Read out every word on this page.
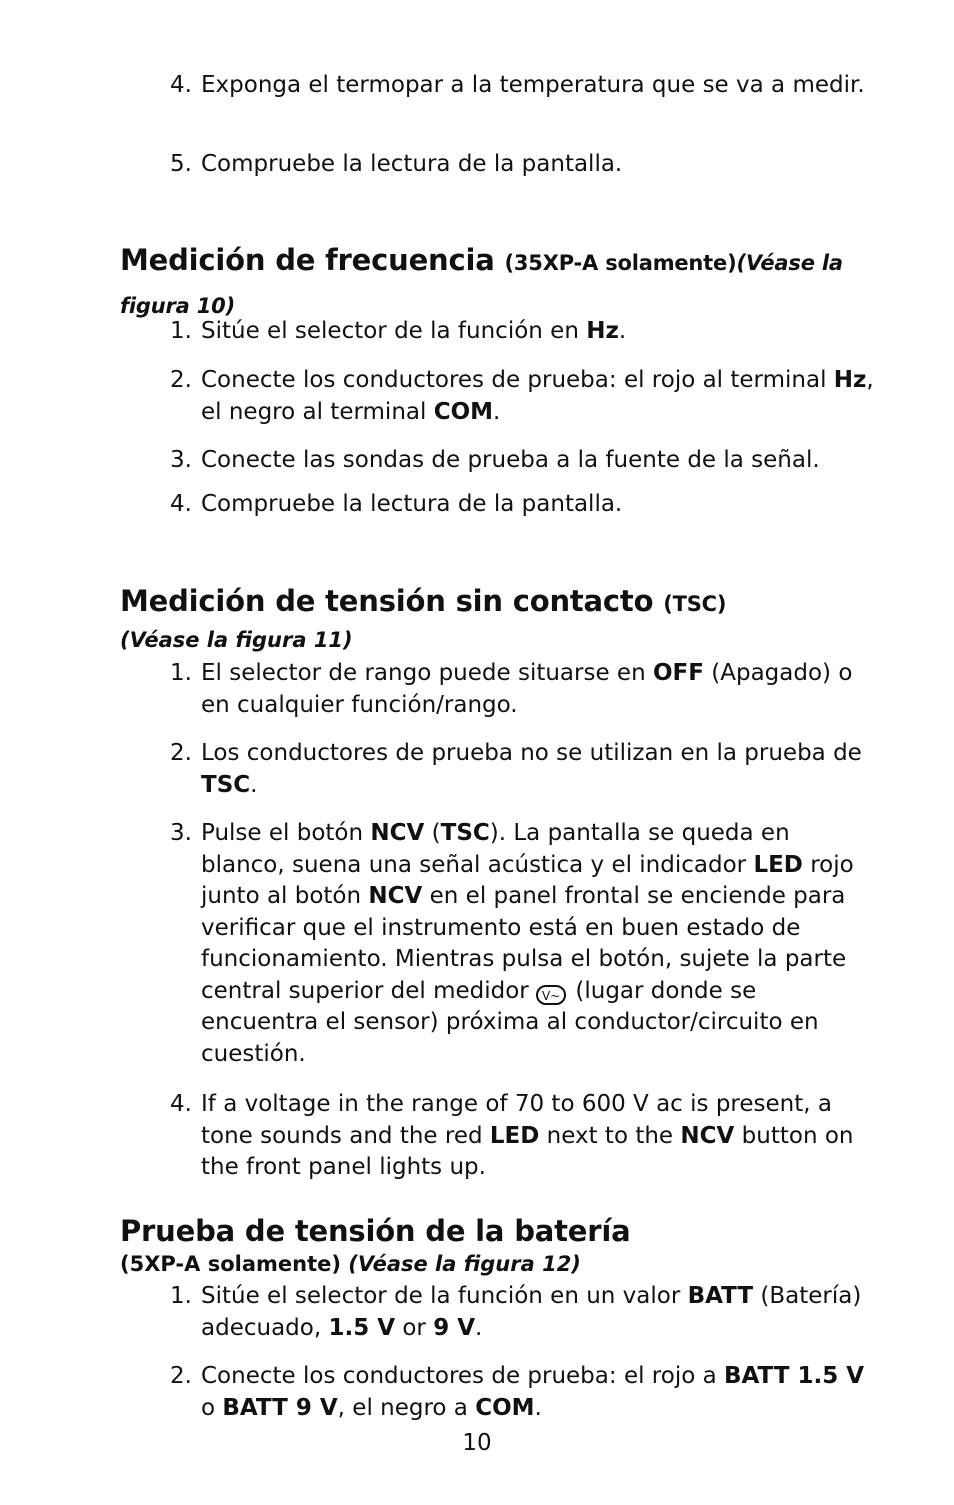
4. Exponga el termopar a la temperatura que se va a medir.
5. Compruebe la lectura de la pantalla.
Medición de frecuencia (35XP-A solamente)(Véase la figura 10)
1. Sitúe el selector de la función en Hz.
2. Conecte los conductores de prueba: el rojo al terminal Hz, el negro al terminal COM.
3. Conecte las sondas de prueba a la fuente de la señal.
4. Compruebe la lectura de la pantalla.
Medición de tensión sin contacto (TSC)
(Véase la figura 11)
1. El selector de rango puede situarse en OFF (Apagado) o en cualquier función/rango.
2. Los conductores de prueba no se utilizan en la prueba de TSC.
3. Pulse el botón NCV (TSC). La pantalla se queda en blanco, suena una señal acústica y el indicador LED rojo junto al botón NCV en el panel frontal se enciende para verificar que el instrumento está en buen estado de funcionamiento. Mientras pulsa el botón, sujete la parte central superior del medidor V~ (lugar donde se encuentra el sensor) próxima al conductor/circuito en cuestión.
4. If a voltage in the range of 70 to 600 V ac is present, a tone sounds and the red LED next to the NCV button on the front panel lights up.
Prueba de tensión de la batería
(5XP-A solamente) (Véase la figura 12)
1. Sitúe el selector de la función en un valor BATT (Batería) adecuado, 1.5 V or 9 V.
2. Conecte los conductores de prueba: el rojo a BATT 1.5 V o BATT 9 V, el negro a COM.
10
